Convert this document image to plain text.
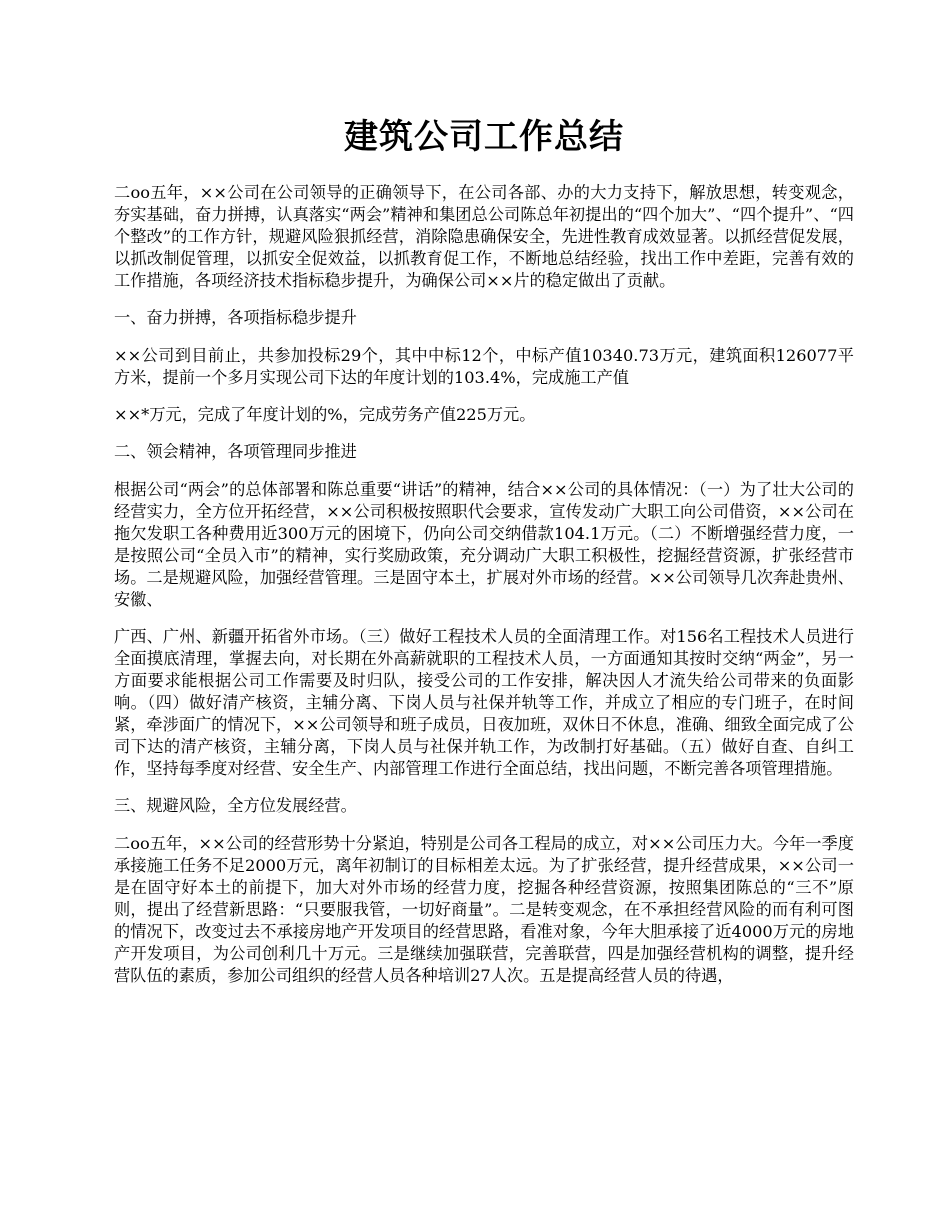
建筑公司工作总结

二oo五年，××公司在公司领导的正确领导下，在公司各部、办的大力支持下，解放思想，转变观念，夯实基础，奋力拼搏，认真落实“两会”精神和集团总公司陈总年初提出的“四个加大”、“四个提升”、“四个整改”的工作方针，规避风险狠抓经营，消除隐患确保安全，先进性教育成效显著。以抓经营促发展，以抓改制促管理，以抓安全促效益，以抓教育促工作，不断地总结经验，找出工作中差距，完善有效的工作措施，各项经济技术指标稳步提升，为确保公司××片的稳定做出了贡献。

一、奋力拼搏，各项指标稳步提升

××公司到目前止，共参加投标29个，其中中标12个，中标产值10340.73万元，建筑面积126077平方米，提前一个多月实现公司下达的年度计划的103.4%，完成施工产值

××*万元，完成了年度计划的%，完成劳务产值225万元。

二、领会精神，各项管理同步推进

根据公司“两会”的总体部署和陈总重要“讲话”的精神，结合××公司的具体情况：（一）为了壮大公司的经营实力，全方位开拓经营，××公司积极按照职代会要求，宣传发动广大职工向公司借资，××公司在拖欠发职工各种费用近300万元的困境下，仍向公司交纳借款104.1万元。（二）不断增强经营力度，一是按照公司“全员入市”的精神，实行奖励政策，充分调动广大职工积极性，挖掘经营资源，扩张经营市场。二是规避风险，加强经营管理。三是固守本土，扩展对外市场的经营。××公司领导几次奔赴贵州、安徽、

广西、广州、新疆开拓省外市场。（三）做好工程技术人员的全面清理工作。对156名工程技术人员进行全面摸底清理，掌握去向，对长期在外高薪就职的工程技术人员，一方面通知其按时交纳“两金”，另一方面要求能根据公司工作需要及时归队，接受公司的工作安排，解决因人才流失给公司带来的负面影响。（四）做好清产核资，主辅分离、下岗人员与社保并轨等工作，并成立了相应的专门班子，在时间紧，牵涉面广的情况下，××公司领导和班子成员，日夜加班，双休日不休息，准确、细致全面完成了公司下达的清产核资，主辅分离，下岗人员与社保并轨工作，为改制打好基础。（五）做好自查、自纠工作，坚持每季度对经营、安全生产、内部管理工作进行全面总结，找出问题，不断完善各项管理措施。

三、规避风险，全方位发展经营。

二oo五年，××公司的经营形势十分紧迫，特别是公司各工程局的成立，对××公司压力大。今年一季度承接施工任务不足2000万元，离年初制订的目标相差太远。为了扩张经营，提升经营成果，××公司一是在固守好本土的前提下，加大对外市场的经营力度，挖掘各种经营资源，按照集团陈总的“三不”原则，提出了经营新思路：“只要服我管，一切好商量”。二是转变观念，在不承担经营风险的而有利可图的情况下，改变过去不承接房地产开发项目的经营思路，看准对象，今年大胆承接了近4000万元的房地产开发项目，为公司创利几十万元。三是继续加强联营，完善联营，四是加强经营机构的调整，提升经营队伍的素质，参加公司组织的经营人员各种培训27人次。五是提高经营人员的待遇，
